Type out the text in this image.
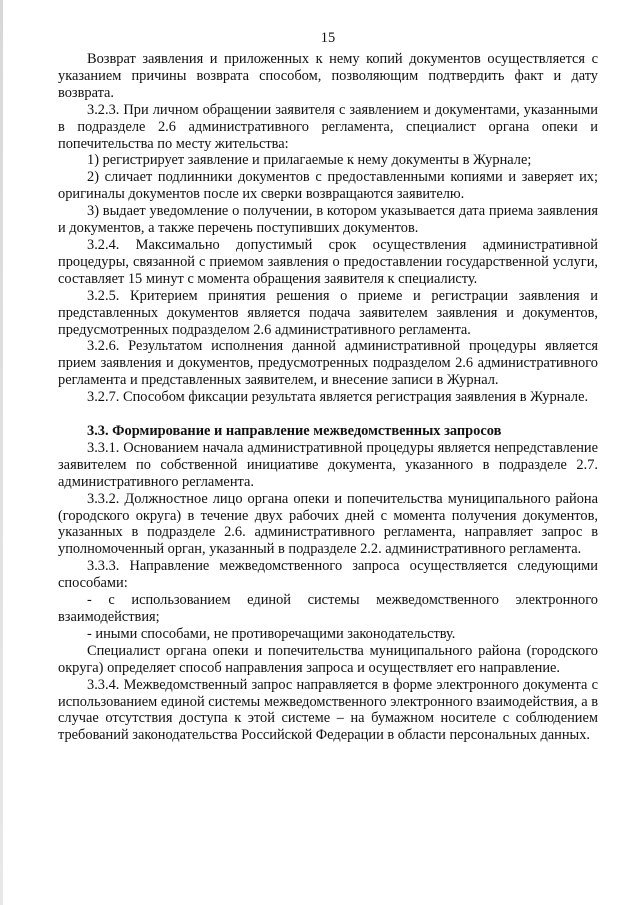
15

Возврат заявления и приложенных к нему копий документов осуществляется с указанием причины возврата способом, позволяющим подтвердить факт и дату возврата.

3.2.3. При личном обращении заявителя с заявлением и документами, указанными в подразделе 2.6 административного регламента, специалист органа опеки и попечительства по месту жительства:

1) регистрирует заявление и прилагаемые к нему документы в Журнале;

2) сличает подлинники документов с предоставленными копиями и заверяет их; оригиналы документов после их сверки возвращаются заявителю.

3) выдает уведомление о получении, в котором указывается дата приема заявления и документов, а также перечень поступивших документов.

3.2.4. Максимально допустимый срок осуществления административной процедуры, связанной с приемом заявления о предоставлении государственной услуги, составляет 15 минут с момента обращения заявителя к специалисту.

3.2.5. Критерием принятия решения о приеме и регистрации заявления и представленных документов является подача заявителем заявления и документов, предусмотренных подразделом 2.6 административного регламента.

3.2.6. Результатом исполнения данной административной процедуры является прием заявления и документов, предусмотренных подразделом 2.6 административного регламента и представленных заявителем, и внесение записи в Журнал.

3.2.7. Способом фиксации результата является регистрация заявления в Журнале.

3.3. Формирование и направление межведомственных запросов

3.3.1. Основанием начала административной процедуры является непредставление заявителем по собственной инициативе документа, указанного в подразделе 2.7. административного регламента.

3.3.2. Должностное лицо органа опеки и попечительства муниципального района (городского округа) в течение двух рабочих дней с момента получения документов, указанных в подразделе 2.6. административного регламента, направляет запрос в уполномоченный орган, указанный в подразделе 2.2. административного регламента.

3.3.3. Направление межведомственного запроса осуществляется следующими способами:

- с использованием единой системы межведомственного электронного взаимодействия;

- иными способами, не противоречащими законодательству.

Специалист органа опеки и попечительства муниципального района (городского округа) определяет способ направления запроса и осуществляет его направление.

3.3.4. Межведомственный запрос направляется в форме электронного документа с использованием единой системы межведомственного электронного взаимодействия, а в случае отсутствия доступа к этой системе – на бумажном носителе с соблюдением требований законодательства Российской Федерации в области персональных данных.
